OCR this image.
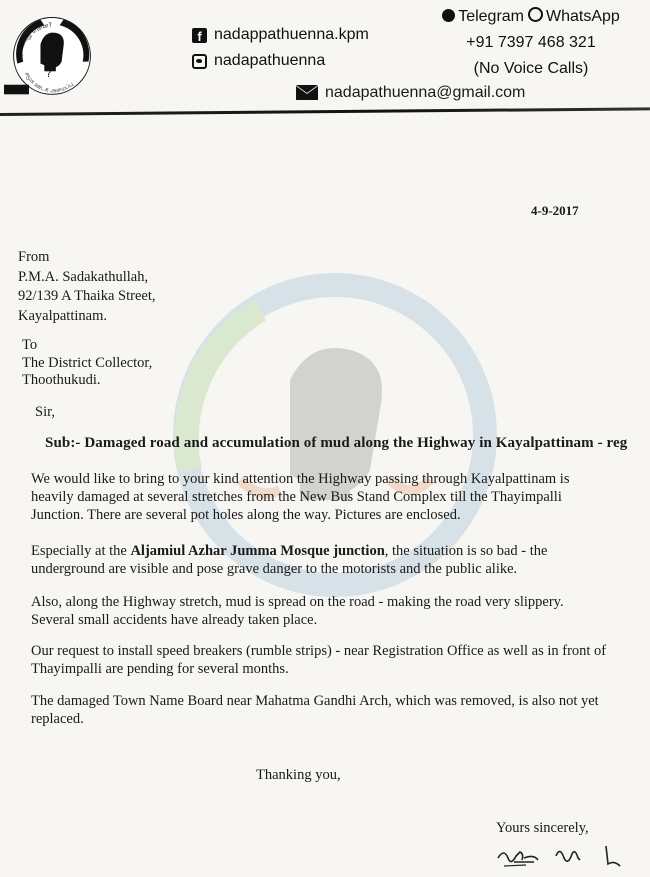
?
நடப்பது என்ன?
சமூக ஊடக அமைப்பு
f nadappathuenna.kpm
nadapathuenna
Telegram WhatsApp
+91 7397 468 321
(No Voice Calls)
nadapathuenna@gmail.com
4-9-2017
From
P.M.A. Sadakathullah,
92/139 A Thaika Street,
Kayalpattinam.
To
The District Collector,
Thoothukudi.
Sir,
Sub:- Damaged road and accumulation of mud along the Highway in Kayalpattinam - reg
We would like to bring to your kind attention the Highway passing through Kayalpattinam is
heavily damaged at several stretches from the New Bus Stand Complex till the Thayimpalli
Junction. There are several pot holes along the way. Pictures are enclosed.
Especially at the Aljamiul Azhar Jumma Mosque junction, the situation is so bad - the
underground are visible and pose grave danger to the motorists and the public alike.
Also, along the Highway stretch, mud is spread on the road - making the road very slippery.
Several small accidents have already taken place.
Our request to install speed breakers (rumble strips) - near Registration Office as well as in front of
Thayimpalli are pending for several months.
The damaged Town Name Board near Mahatma Gandhi Arch, which was removed, is also not yet
replaced.
Thanking you,
Yours sincerely,
